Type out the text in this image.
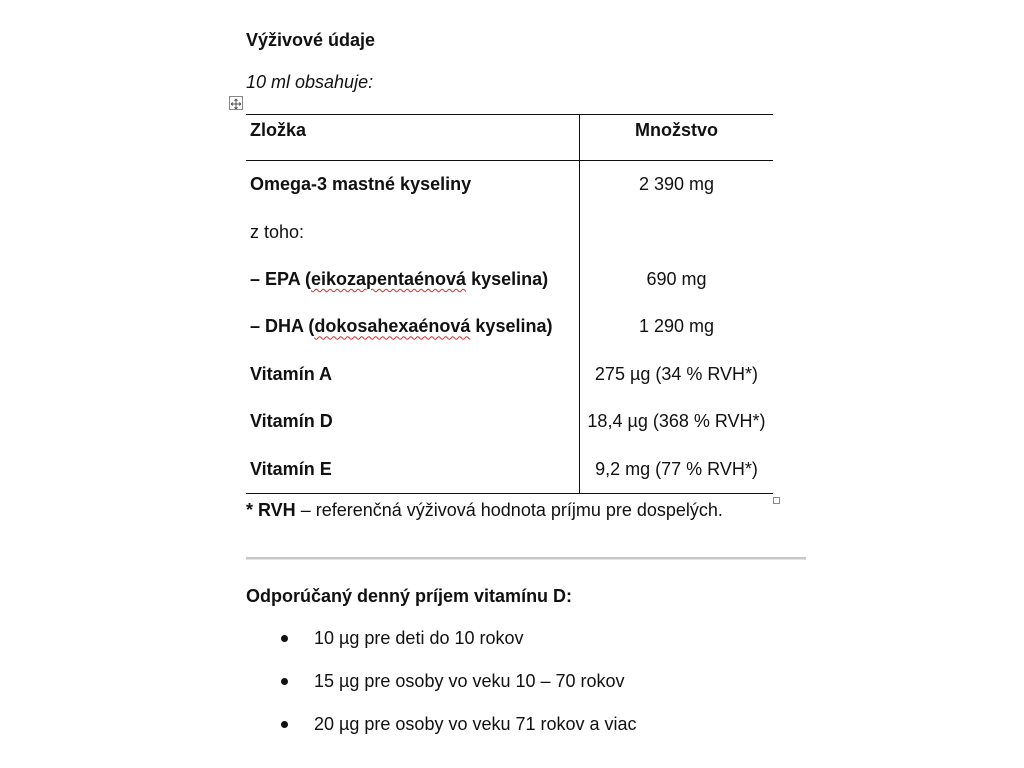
Výživové údaje

10 ml obsahuje:

Zložka	Množstvo
Omega-3 mastné kyseliny	2 390 mg
z toho:	
– EPA (eikozapentaénová kyselina)	690 mg
– DHA (dokosahexaénová kyselina)	1 290 mg
Vitamín A	275 µg (34 % RVH*)
Vitamín D	18,4 µg (368 % RVH*)
Vitamín E	9,2 mg (77 % RVH*)

* RVH – referenčná výživová hodnota príjmu pre dospelých.

Odporúčaný denný príjem vitamínu D:

10 µg pre deti do 10 rokov
15 µg pre osoby vo veku 10 – 70 rokov
20 µg pre osoby vo veku 71 rokov a viac
